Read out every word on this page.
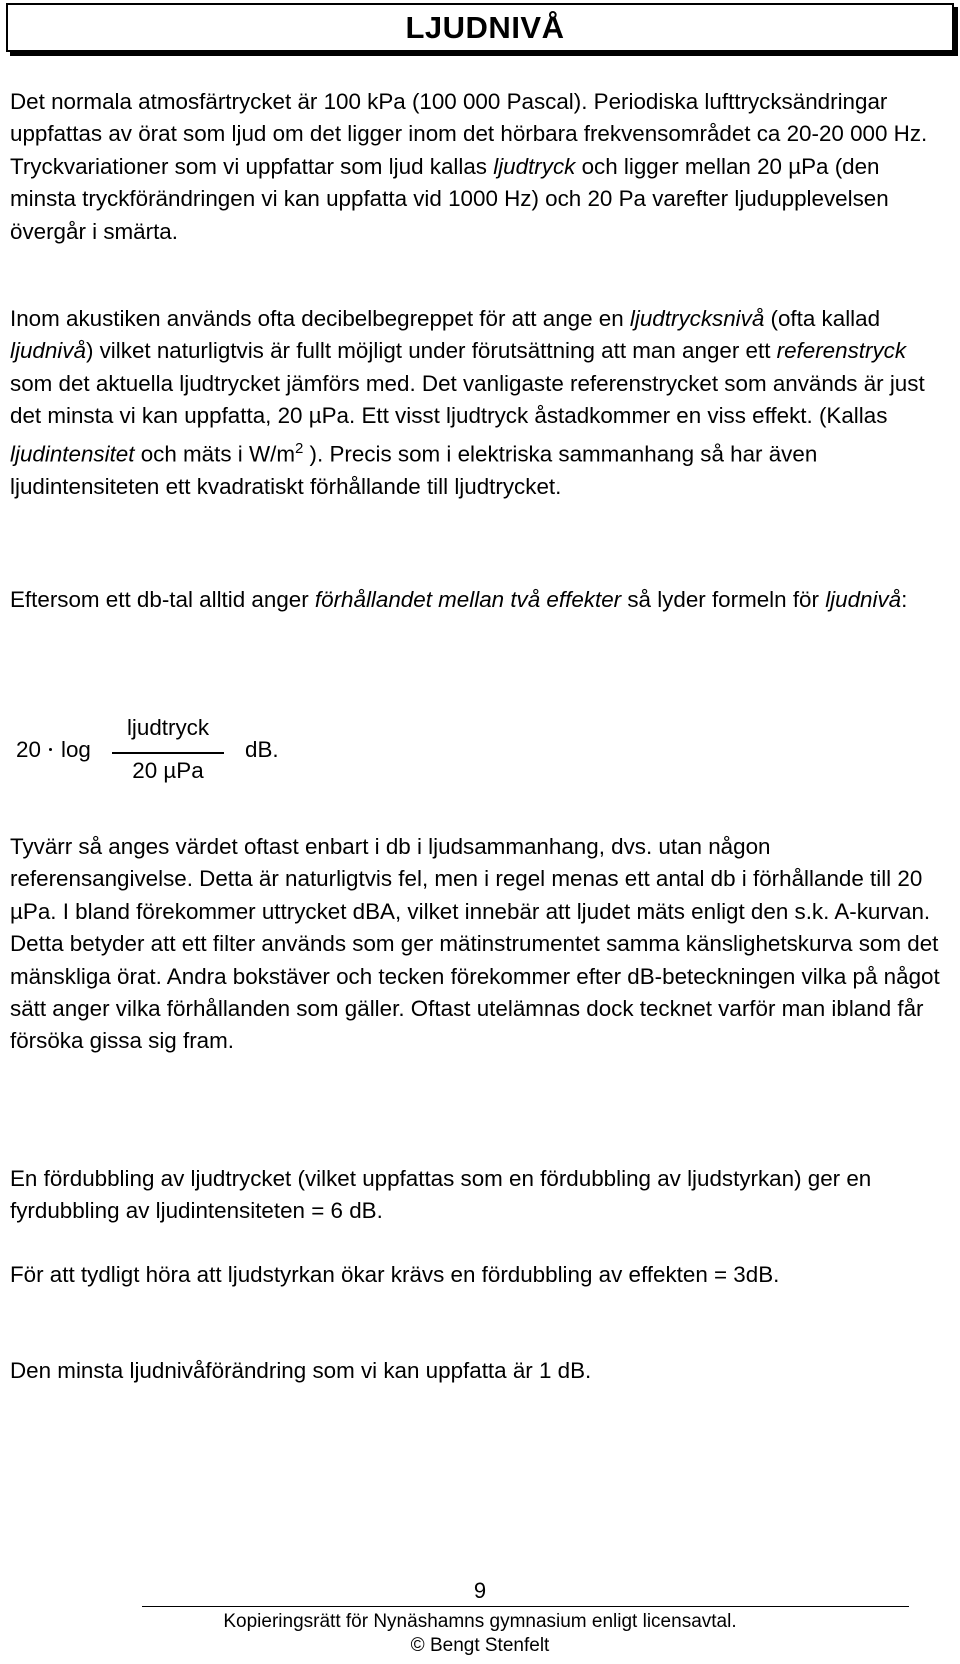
LJUDNIVÅ

Det normala atmosfärtrycket är 100 kPa (100 000 Pascal). Periodiska lufttrycksändringar uppfattas av örat som ljud om det ligger inom det hörbara frekvensområdet ca 20-20 000 Hz. Tryckvariationer som vi uppfattar som ljud kallas ljudtryck och ligger mellan 20 µPa (den minsta tryckförändringen vi kan uppfatta vid 1000 Hz) och 20 Pa varefter ljudupplevelsen övergår i smärta.

Inom akustiken används ofta decibelbegreppet för att ange en ljudtrycksnivå (ofta kallad ljudnivå) vilket naturligtvis är fullt möjligt under förutsättning att man anger ett referenstryck som det aktuella ljudtrycket jämförs med. Det vanligaste referenstrycket som används är just det minsta vi kan uppfatta, 20 µPa. Ett visst ljudtryck åstadkommer en viss effekt. (Kallas ljudintensitet och mäts i $W/m^2$ ). Precis som i elektriska sammanhang så har även ljudintensiteten ett kvadratiskt förhållande till ljudtrycket.

Eftersom ett db-tal alltid anger förhållandet mellan två effekter så lyder formeln för ljudnivå:

20 log
ljudtryck
20 µPa
dB.

Tyvärr så anges värdet oftast enbart i db i ljudsammanhang, dvs. utan någon referensangivelse. Detta är naturligtvis fel, men i regel menas ett antal db i förhållande till 20 µPa. I bland förekommer uttrycket dBA, vilket innebär att ljudet mäts enligt den s.k. A-kurvan. Detta betyder att ett filter används som ger mätinstrumentet samma känslighetskurva som det mänskliga örat. Andra bokstäver och tecken förekommer efter dB-beteckningen vilka på något sätt anger vilka förhållanden som gäller. Oftast utelämnas dock tecknet varför man ibland får försöka gissa sig fram.

En fördubbling av ljudtrycket (vilket uppfattas som en fördubbling av ljudstyrkan) ger en fyrdubbling av ljudintensiteten = 6 dB.

För att tydligt höra att ljudstyrkan ökar krävs en fördubbling av effekten = 3dB.

Den minsta ljudnivåförändring som vi kan uppfatta är 1 dB.

9
Kopieringsrätt för Nynäshamns gymnasium enligt licensavtal.
© Bengt Stenfelt
